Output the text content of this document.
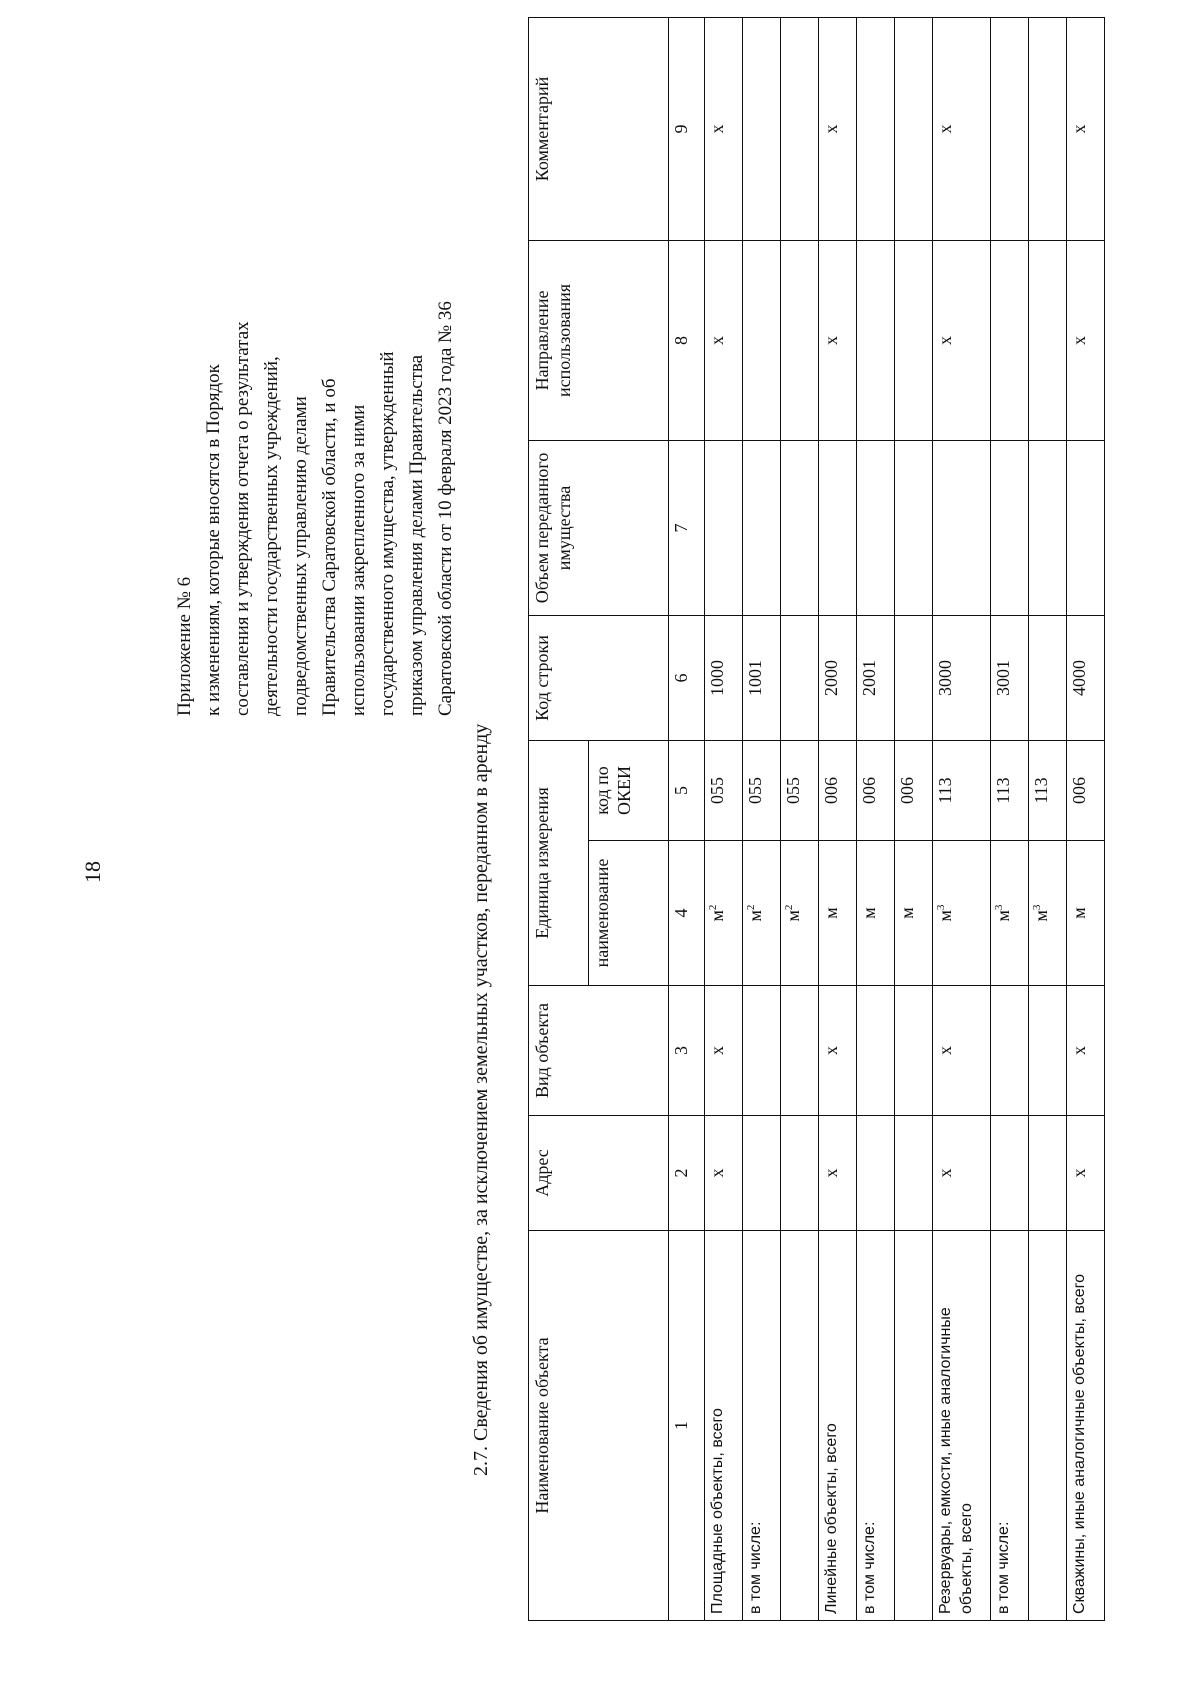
18
Приложение № 6 к изменениям, которые вносятся в Порядок составления и утверждения отчета о результатах деятельности государственных учреждений, подведомственных управлению делами Правительства Саратовской области, и об использовании закрепленного за ними государственного имущества, утвержденный приказом управления делами Правительства Саратовской области от 10 февраля 2023 года № 36
2.7. Сведения об имуществе, за исключением земельных участков, переданном в аренду Наименование объекта	Адрес	Вид объекта	Единица измерения		Код строки	Объем переданного имущества	Направление использования	Комментарий
			наименование	код по ОКЕИ				
1	2	3	4	5	6	7	8	9
Площадные объекты, всего	х	х	$м^2$	055	1000		х	х
в том числе:			$м^2$	055	1001			
			$м^2$	055				
Линейные объекты, всего	х	х	м	006	2000		х	х
в том числе:			м	006	2001			
			м	006				
Резервуары, емкости, иные аналогичные объекты, всего	х	х	$м^3$	113	3000		х	х
в том числе:			$м^3$	113	3001			
			$м^3$	113				
Скважины, иные аналогичные объекты, всего	х	х	м	006	4000		х	х
